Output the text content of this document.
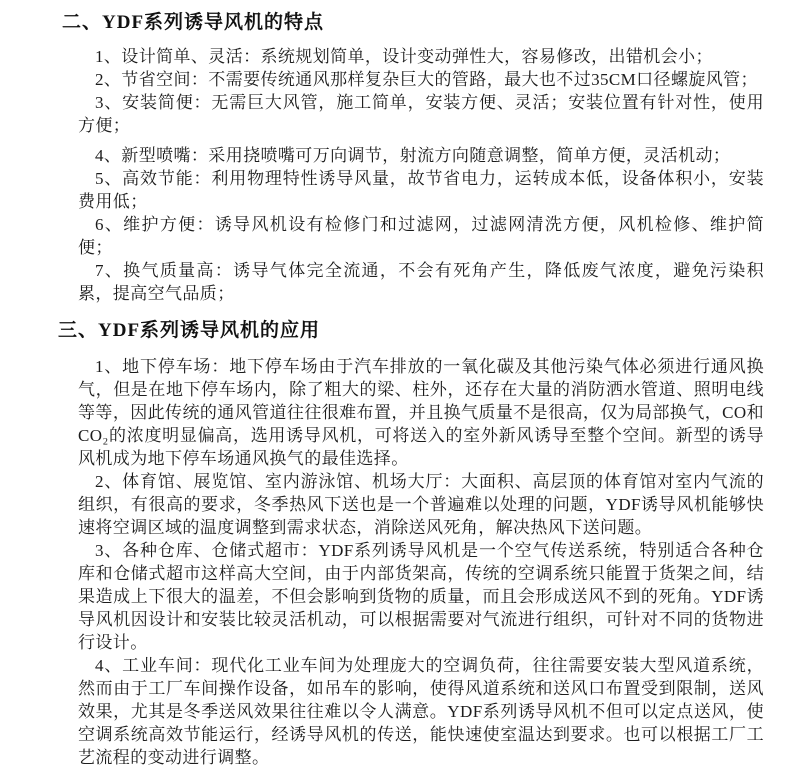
二、YDF系列诱导风机的特点

1、设计简单、灵活：系统规划简单，设计变动弹性大，容易修改，出错机会小；

2、节省空间：不需要传统通风那样复杂巨大的管路，最大也不过35CM口径螺旋风管；

3、安装简便：无需巨大风管，施工简单，安装方便、灵活；安装位置有针对性，使用方便；

4、新型喷嘴：采用挠喷嘴可万向调节，射流方向随意调整，简单方便，灵活机动；

5、高效节能：利用物理特性诱导风量，故节省电力，运转成本低，设备体积小，安装费用低；

6、维护方便：诱导风机设有检修门和过滤网，过滤网清洗方便，风机检修、维护简便；

7、换气质量高：诱导气体完全流通，不会有死角产生，降低废气浓度，避免污染积累，提高空气品质；

三、YDF系列诱导风机的应用

1、地下停车场：地下停车场由于汽车排放的一氧化碳及其他污染气体必须进行通风换气，但是在地下停车场内，除了粗大的梁、柱外，还存在大量的消防洒水管道、照明电线等等，因此传统的通风管道往往很难布置，并且换气质量不是很高，仅为局部换气，CO和CO₂的浓度明显偏高，选用诱导风机，可将送入的室外新风诱导至整个空间。新型的诱导风机成为地下停车场通风换气的最佳选择。

2、体育馆、展览馆、室内游泳馆、机场大厅：大面积、高层顶的体育馆对室内气流的组织，有很高的要求，冬季热风下送也是一个普遍难以处理的问题，YDF诱导风机能够快速将空调区域的温度调整到需求状态，消除送风死角，解决热风下送问题。

3、各种仓库、仓储式超市：YDF系列诱导风机是一个空气传送系统，特别适合各种仓库和仓储式超市这样高大空间，由于内部货架高，传统的空调系统只能置于货架之间，结果造成上下很大的温差，不但会影响到货物的质量，而且会形成送风不到的死角。YDF诱导风机因设计和安装比较灵活机动，可以根据需要对气流进行组织，可针对不同的货物进行设计。

4、工业车间：现代化工业车间为处理庞大的空调负荷，往往需要安装大型风道系统，然而由于工厂车间操作设备，如吊车的影响，使得风道系统和送风口布置受到限制，送风效果，尤其是冬季送风效果往往难以令人满意。YDF系列诱导风机不但可以定点送风，使空调系统高效节能运行，经诱导风机的传送，能快速使室温达到要求。也可以根据工厂工艺流程的变动进行调整。
